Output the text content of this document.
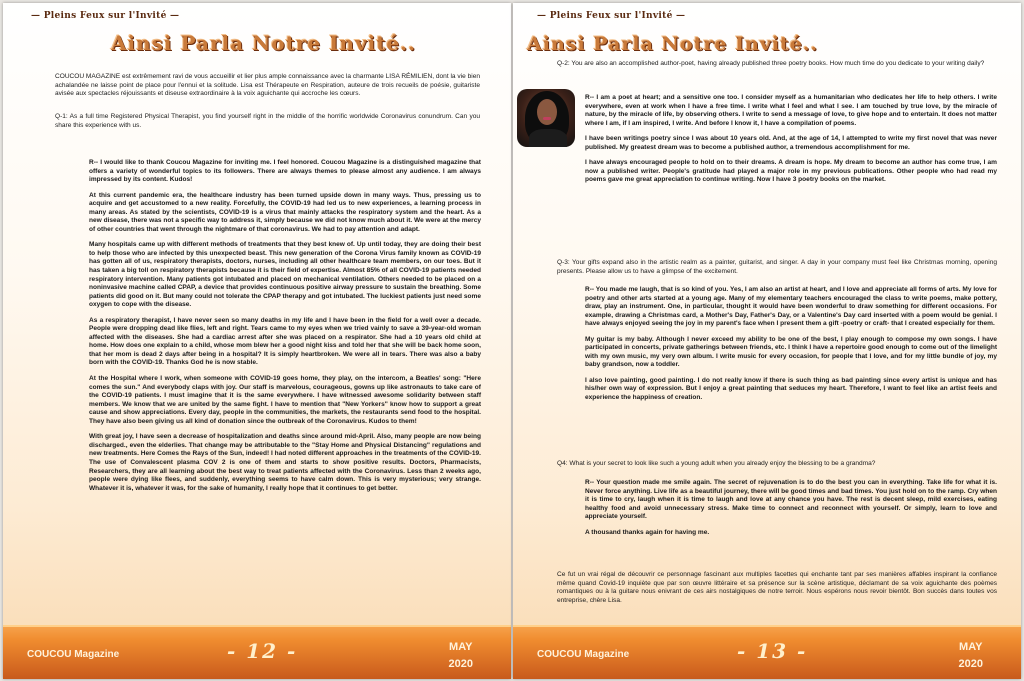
— Pleins Feux sur l'Invité —
Ainsi Parla Notre Invité..

COUCOU MAGAZINE est extrêmement ravi de vous accueillir et lier plus ample connaissance avec la charmante LISA RÉMILIEN, dont la vie bien achalandée ne laisse point de place pour l'ennui et la solitude. Lisa est Thérapeute en Respiration, auteure de trois recueils de poésie, guitariste avisée aux spectacles réjouissants et diseuse extraordinaire à la voix aguichante qui accroche les cœurs.

Q-1: As a full time Registered Physical Therapist, you find yourself right in the middle of the horrific worldwide Coronavirus conundrum. Can you share this experience with us.

R-- I would like to thank Coucou Magazine for inviting me. I feel honored. Coucou Magazine is a distinguished magazine that offers a variety of wonderful topics to its followers. There are always themes to please almost any audience. I am always impressed by its content. Kudos!

At this current pandemic era, the healthcare industry has been turned upside down in many ways. Thus, pressing us to acquire and get accustomed to a new reality. Forcefully, the COVID-19 had led us to new experiences, a learning process in many areas. As stated by the scientists, COVID-19 is a virus that mainly attacks the respiratory system and the heart. As a new disease, there was not a specific way to address it, simply because we did not know much about it. We were at the mercy of other countries that went through the nightmare of that coronavirus. We had to pay attention and adapt.

Many hospitals came up with different methods of treatments that they best knew of. Up until today, they are doing their best to help those who are infected by this unexpected beast. This new generation of the Corona Virus family known as COVID-19 has gotten all of us, respiratory therapists, doctors, nurses, including all other healthcare team members, on our toes. But it has taken a big toll on respiratory therapists because it is their field of expertise. Almost 85% of all COVID-19 patients needed respiratory intervention. Many patients got intubated and placed on mechanical ventilation. Others needed to be placed on a noninvasive machine called CPAP, a device that provides continuous positive airway pressure to sustain the breathing. Some patients did good on it. But many could not tolerate the CPAP therapy and got intubated. The luckiest patients just need some oxygen to cope with the disease.

As a respiratory therapist, I have never seen so many deaths in my life and I have been in the field for a well over a decade. People were dropping dead like flies, left and right. Tears came to my eyes when we tried vainly to save a 39-year-old woman affected with the diseases. She had a cardiac arrest after she was placed on a respirator. She had a 10 years old child at home. How does one explain to a child, whose mom blew her a good night kiss and told her that she will be back home soon, that her mom is dead 2 days after being in a hospital? It is simply heartbroken. We were all in tears. There was also a baby born with the COVID-19. Thanks God he is now stable.

At the Hospital where I work, when someone with COVID-19 goes home, they play, on the intercom, a Beatles' song: "Here comes the sun." And everybody claps with joy. Our staff is marvelous, courageous, gowns up like astronauts to take care of the COVID-19 patients. I must imagine that it is the same everywhere. I have witnessed awesome solidarity between staff members. We know that we are united by the same fight. I have to mention that "New Yorkers" know how to support a great cause and show appreciations. Every day, people in the communities, the markets, the restaurants send food to the hospital. They have also been giving us all kind of donation since the outbreak of the Coronavirus. Kudos to them!

With great joy, I have seen a decrease of hospitalization and deaths since around mid-April. Also, many people are now being discharged., even the elderlies. That change may be attributable to the "Stay Home and Physical Distancing" regulations and new treatments. Here Comes the Rays of the Sun, indeed! I had noted different approaches in the treatments of the COVID-19. The use of Convalescent plasma COV 2 is one of them and starts to show positive results. Doctors, Pharmacists, Researchers, they are all learning about the best way to treat patients affected with the Coronavirus. Less than 2 weeks ago, people were dying like flees, and suddenly, everything seems to have calm down. This is very mysterious; very strange. Whatever it is, whatever it was, for the sake of humanity, I really hope that it continues to get better.

COUCOU Magazine	- 12 -	MAY
2020
— Pleins Feux sur l'Invité —
Ainsi Parla Notre Invité..

Q-2: You are also an accomplished author-poet, having already published three poetry books. How much time do you dedicate to your writing daily?

R-- I am a poet at heart; and a sensitive one too. I consider myself as a humanitarian who dedicates her life to help others. I write everywhere, even at work when I have a free time. I write what I feel and what I see. I am touched by true love, by the miracle of nature, by the miracle of life, by observing others. I write to send a message of love, to give hope and to entertain. It does not matter where I am, if I am inspired, I write. And before I know it, I have a compilation of poems.

I have been writings poetry since I was about 10 years old. And, at the age of 14, I attempted to write my first novel that was never published. My greatest dream was to become a published author, a tremendous accomplishment for me.

I have always encouraged people to hold on to their dreams. A dream is hope. My dream to become an author has come true, I am now a published writer. People's gratitude had played a major role in my previous publications. Other people who had read my poems gave me great appreciation to continue writing. Now I have 3 poetry books on the market.

Q-3: Your gifts expand also in the artistic realm as a painter, guitarist, and singer. A day in your company must feel like Christmas morning, opening presents. Please allow us to have a glimpse of the excitement.

R-- You made me laugh, that is so kind of you. Yes, I am also an artist at heart, and I love and appreciate all forms of arts. My love for poetry and other arts started at a young age. Many of my elementary teachers encouraged the class to write poems, make pottery, draw, play an instrument. One, in particular, thought it would have been wonderful to draw something for different occasions. For example, drawing a Christmas card, a Mother's Day, Father's Day, or a Valentine's Day card inserted with a poem would be genial. I have always enjoyed seeing the joy in my parent's face when I present them a gift -poetry or craft- that I created especially for them.

My guitar is my baby. Although I never exceed my ability to be one of the best, I play enough to compose my own songs. I have participated in concerts, private gatherings between friends, etc. I think I have a repertoire good enough to come out of the limelight with my own music, my very own album. I write music for every occasion, for people that I love, and for my little bundle of joy, my baby grandson, now a toddler.

I also love painting, good painting. I do not really know if there is such thing as bad painting since every artist is unique and has his/her own way of expression. But I enjoy a great painting that seduces my heart. Therefore, I want to feel like an artist feels and experience the happiness of creation.

Q4: What is your secret to look like such a young adult when you already enjoy the blessing to be a grandma?

R-- Your question made me smile again. The secret of rejuvenation is to do the best you can in everything. Take life for what it is. Never force anything. Live life as a beautiful journey, there will be good times and bad times. You just hold on to the ramp. Cry when it is time to cry, laugh when it is time to laugh and love at any chance you have. The rest is decent sleep, mild exercises, eating healthy food and avoid unnecessary stress. Make time to connect and reconnect with yourself. Or simply, learn to love and appreciate yourself.

A thousand thanks again for having me.

Ce fut un vrai régal de découvrir ce personnage fascinant aux multiples facettes qui enchante tant par ses manières affables inspirant la confiance même quand Covid-19 inquiète que par son œuvre littéraire et sa présence sur la scène artistique, déclamant de sa voix aguichante des poèmes romantiques ou à la guitare nous enivrant de ces airs nostalgiques de notre terroir. Nous espérons nous revoir bientôt. Bon succès dans toutes vos entreprise, chère Lisa.

COUCOU Magazine	- 13 -	MAY
2020
